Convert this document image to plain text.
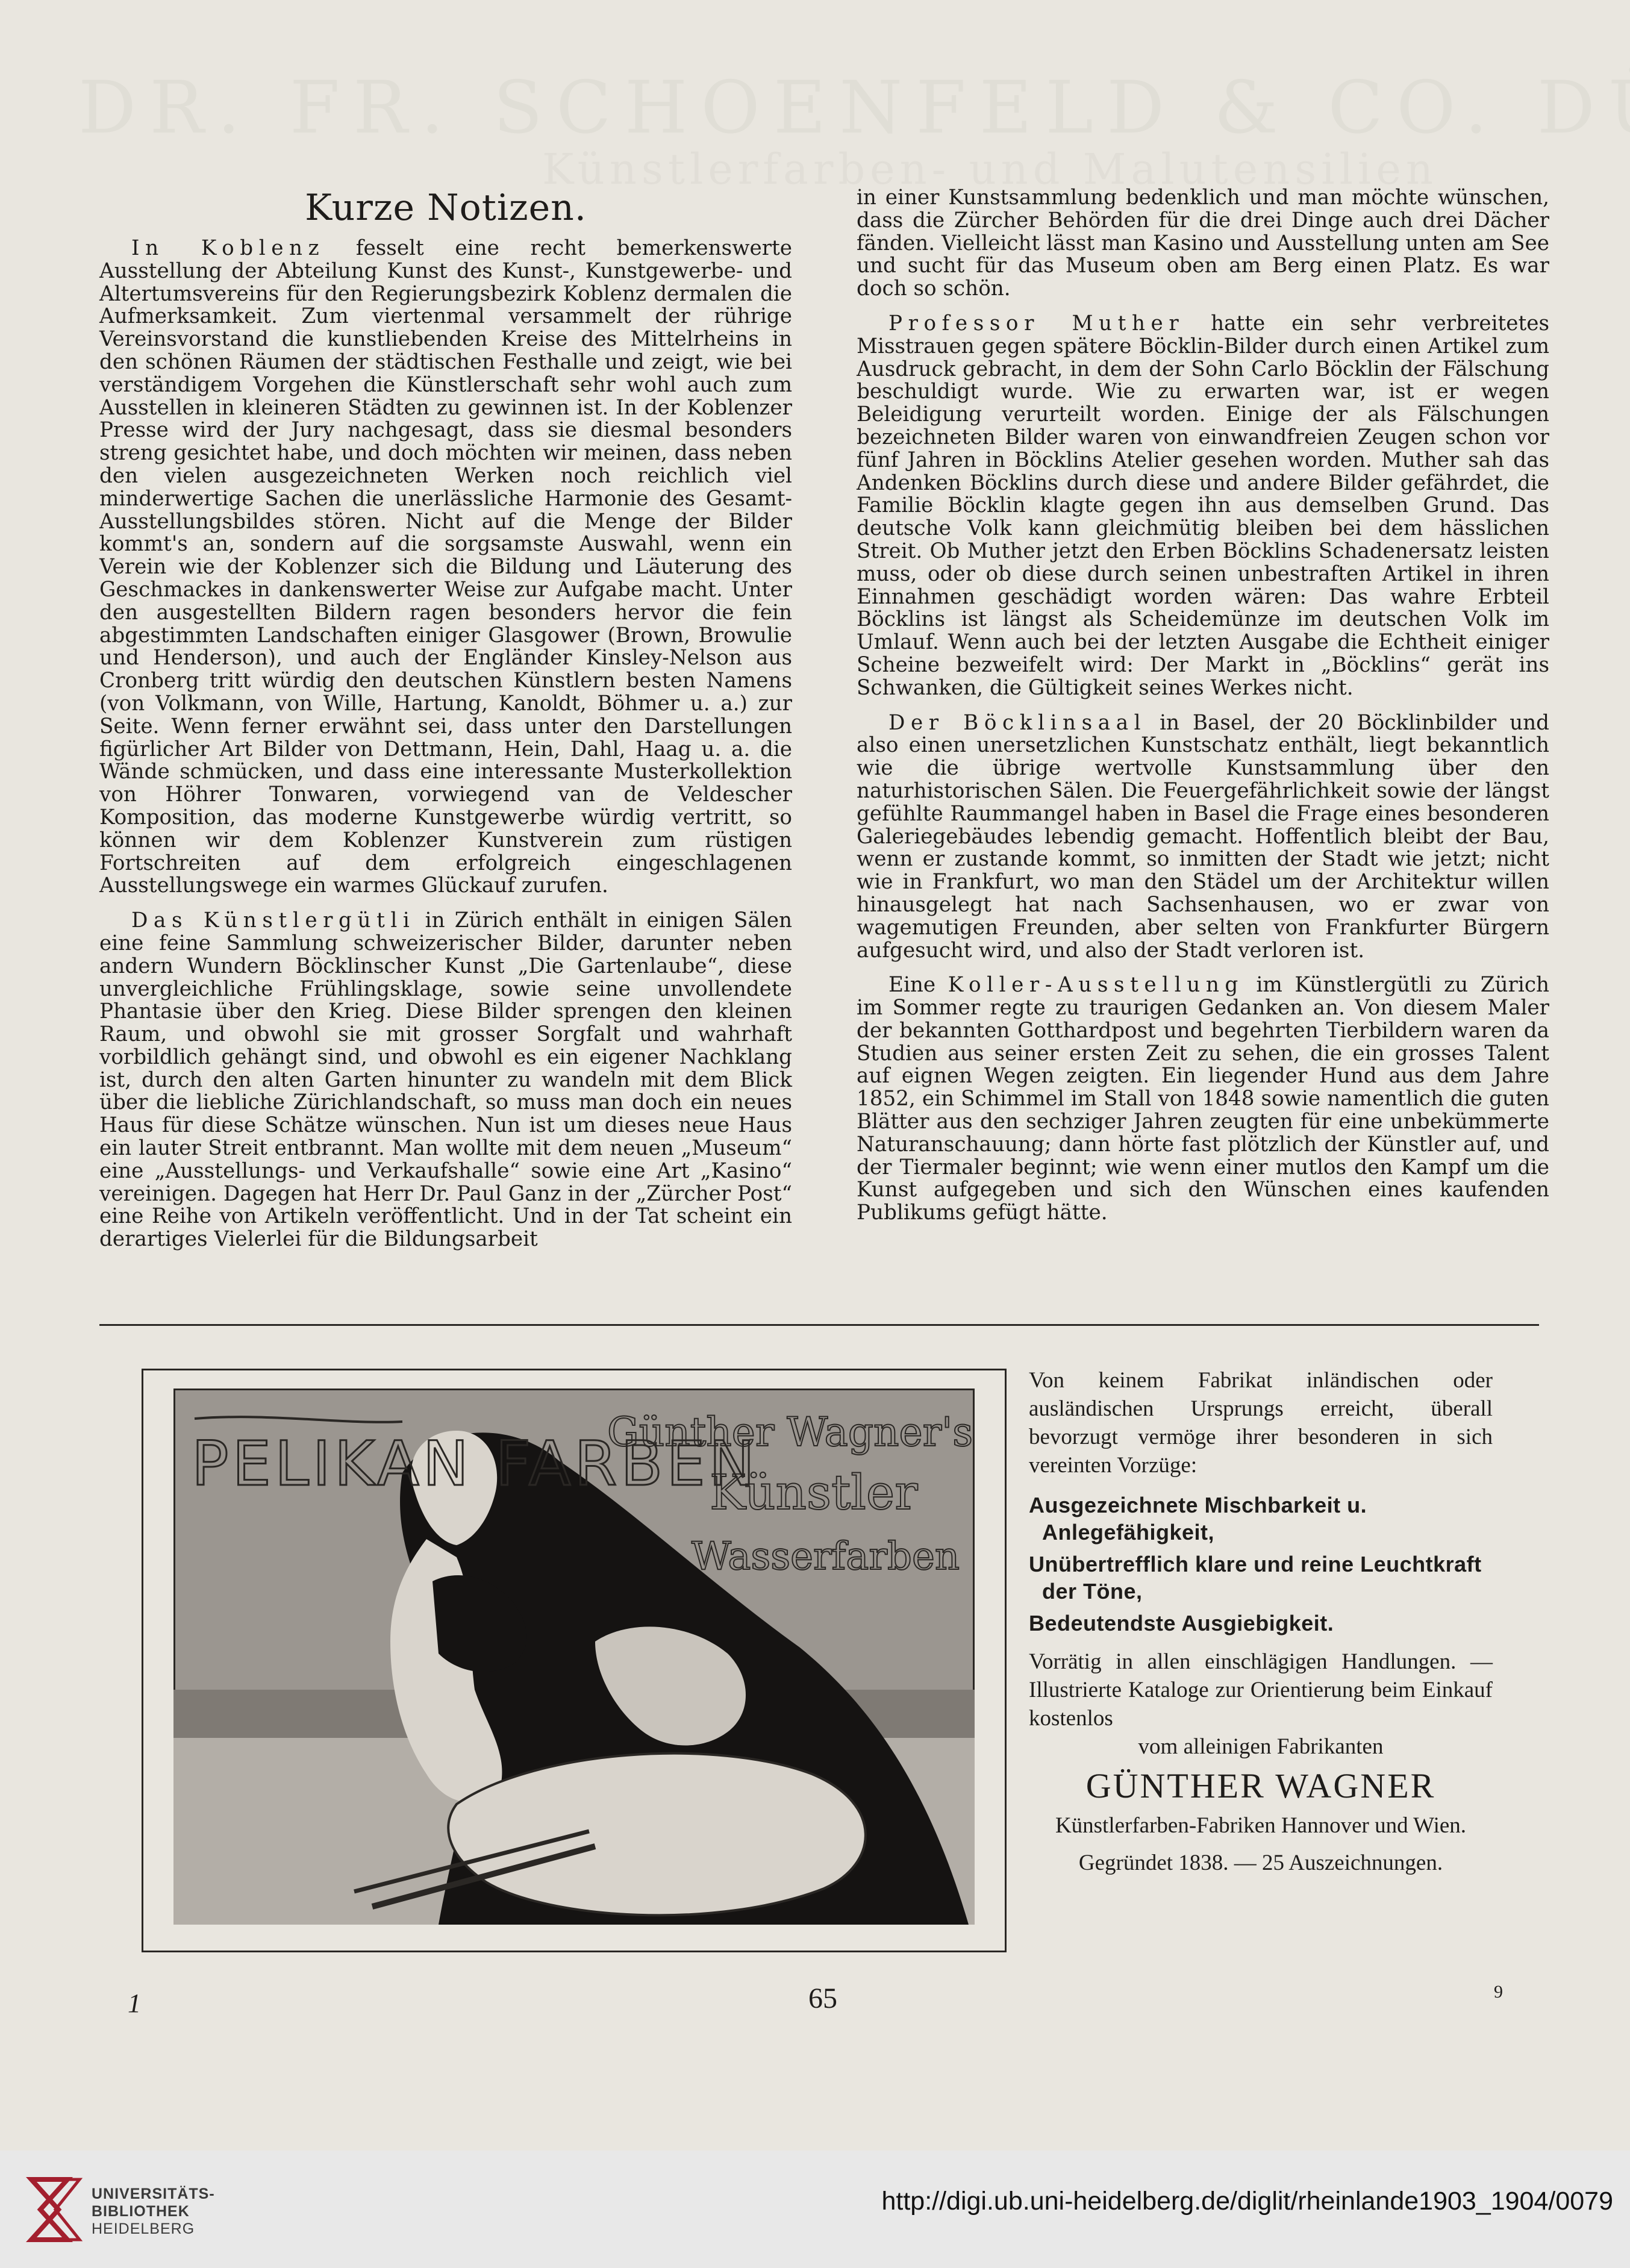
Kurze Notizen.

In Koblenz fesselt eine recht bemerkenswerte Ausstellung der Abteilung Kunst des Kunst-, Kunstgewerbe- und Altertumsvereins für den Regierungsbezirk Koblenz dermalen die Aufmerksamkeit. Zum viertenmal versammelt der rührige Vereinsvorstand die kunstliebenden Kreise des Mittelrheins in den schönen Räumen der städtischen Festhalle und zeigt, wie bei verständigem Vorgehen die Künstlerschaft sehr wohl auch zum Ausstellen in kleineren Städten zu gewinnen ist. In der Koblenzer Presse wird der Jury nachgesagt, dass sie diesmal besonders streng gesichtet habe, und doch möchten wir meinen, dass neben den vielen ausgezeichneten Werken noch reichlich viel minderwertige Sachen die unerlässliche Harmonie des Gesamt-Ausstellungsbildes stören. Nicht auf die Menge der Bilder kommt's an, sondern auf die sorgsamste Auswahl, wenn ein Verein wie der Koblenzer sich die Bildung und Läuterung des Geschmackes in dankenswerter Weise zur Aufgabe macht. Unter den ausgestellten Bildern ragen besonders hervor die fein abgestimmten Landschaften einiger Glasgower (Brown, Browulie und Henderson), und auch der Engländer Kinsley-Nelson aus Cronberg tritt würdig den deutschen Künstlern besten Namens (von Volkmann, von Wille, Hartung, Kanoldt, Böhmer u. a.) zur Seite. Wenn ferner erwähnt sei, dass unter den Darstellungen figürlicher Art Bilder von Dettmann, Hein, Dahl, Haag u. a. die Wände schmücken, und dass eine interessante Musterkollektion von Höhrer Tonwaren, vorwiegend van de Veldescher Komposition, das moderne Kunstgewerbe würdig vertritt, so können wir dem Koblenzer Kunstverein zum rüstigen Fortschreiten auf dem erfolgreich eingeschlagenen Ausstellungswege ein warmes Glückauf zurufen.

Das Künstlergütli in Zürich enthält in einigen Sälen eine feine Sammlung schweizerischer Bilder, darunter neben andern Wundern Böcklinscher Kunst „Die Gartenlaube“, diese unvergleichliche Frühlingsklage, sowie seine unvollendete Phantasie über den Krieg. Diese Bilder sprengen den kleinen Raum, und obwohl sie mit grosser Sorgfalt und wahrhaft vorbildlich gehängt sind, und obwohl es ein eigener Nachklang ist, durch den alten Garten hinunter zu wandeln mit dem Blick über die liebliche Zürichlandschaft, so muss man doch ein neues Haus für diese Schätze wünschen. Nun ist um dieses neue Haus ein lauter Streit entbrannt. Man wollte mit dem neuen „Museum“ eine „Ausstellungs- und Verkaufshalle“ sowie eine Art „Kasino“ vereinigen. Dagegen hat Herr Dr. Paul Ganz in der „Zürcher Post“ eine Reihe von Artikeln veröffentlicht. Und in der Tat scheint ein derartiges Vielerlei für die Bildungsarbeit

in einer Kunstsammlung bedenklich und man möchte wünschen, dass die Zürcher Behörden für die drei Dinge auch drei Dächer fänden. Vielleicht lässt man Kasino und Ausstellung unten am See und sucht für das Museum oben am Berg einen Platz. Es war doch so schön.

Professor Muther hatte ein sehr verbreitetes Misstrauen gegen spätere Böcklin-Bilder durch einen Artikel zum Ausdruck gebracht, in dem der Sohn Carlo Böcklin der Fälschung beschuldigt wurde. Wie zu erwarten war, ist er wegen Beleidigung verurteilt worden. Einige der als Fälschungen bezeichneten Bilder waren von einwandfreien Zeugen schon vor fünf Jahren in Böcklins Atelier gesehen worden. Muther sah das Andenken Böcklins durch diese und andere Bilder gefährdet, die Familie Böcklin klagte gegen ihn aus demselben Grund. Das deutsche Volk kann gleichmütig bleiben bei dem hässlichen Streit. Ob Muther jetzt den Erben Böcklins Schadenersatz leisten muss, oder ob diese durch seinen unbestraften Artikel in ihren Einnahmen geschädigt worden wären: Das wahre Erbteil Böcklins ist längst als Scheidemünze im deutschen Volk im Umlauf. Wenn auch bei der letzten Ausgabe die Echtheit einiger Scheine bezweifelt wird: Der Markt in „Böcklins“ gerät ins Schwanken, die Gültigkeit seines Werkes nicht.

Der Böcklinsaal in Basel, der 20 Böcklinbilder und also einen unersetzlichen Kunstschatz enthält, liegt bekanntlich wie die übrige wertvolle Kunstsammlung über den naturhistorischen Sälen. Die Feuergefährlichkeit sowie der längst gefühlte Raummangel haben in Basel die Frage eines besonderen Galeriegebäudes lebendig gemacht. Hoffentlich bleibt der Bau, wenn er zustande kommt, so inmitten der Stadt wie jetzt; nicht wie in Frankfurt, wo man den Städel um der Architektur willen hinausgelegt hat nach Sachsenhausen, wo er zwar von wagemutigen Freunden, aber selten von Frankfurter Bürgern aufgesucht wird, und also der Stadt verloren ist.

Eine Koller-Ausstellung im Künstlergütli zu Zürich im Sommer regte zu traurigen Gedanken an. Von diesem Maler der bekannten Gotthardpost und begehrten Tierbildern waren da Studien aus seiner ersten Zeit zu sehen, die ein grosses Talent auf eignen Wegen zeigten. Ein liegender Hund aus dem Jahre 1852, ein Schimmel im Stall von 1848 sowie namentlich die guten Blätter aus den sechziger Jahren zeugten für eine unbekümmerte Naturanschauung; dann hörte fast plötzlich der Künstler auf, und der Tiermaler beginnt; wie wenn einer mutlos den Kampf um die Kunst aufgegeben und sich den Wünschen eines kaufenden Publikums gefügt hätte.

PELIKAN FARBEN
Günther Wagner's
Künstler
Wasserfarben

Von keinem Fabrikat inländischen oder ausländischen Ursprungs erreicht, überall bevorzugt vermöge ihrer besonderen in sich vereinten Vorzüge:

Ausgezeichnete Mischbarkeit u. Anlegefähigkeit,
Unübertrefflich klare und reine Leuchtkraft der Töne,
Bedeutendste Ausgiebigkeit.

Vorrätig in allen einschlägigen Handlungen. — Illustrierte Kataloge zur Orientierung beim Einkauf kostenlos

vom alleinigen Fabrikanten

GÜNTHER WAGNER

Künstlerfarben-Fabriken Hannover und Wien.

Gegründet 1838. — 25 Auszeichnungen.
1	65	9
UNIVERSITÄTS-
BIBLIOTHEK
HEIDELBERG
http://digi.ub.uni-heidelberg.de/diglit/rheinlande1903_1904/0079
